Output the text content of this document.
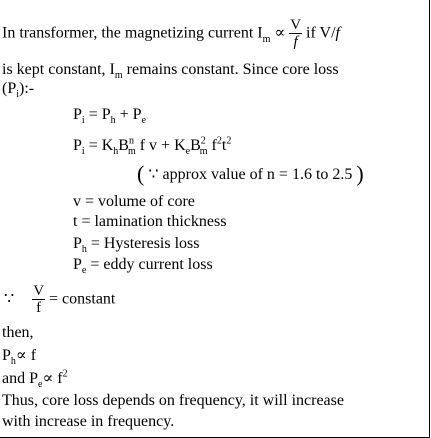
In transformer, the magnetizing current $I_m \propto \frac{V}{f}$ if V/f
is kept constant, $I_m$ remains constant. Since core loss
$(P_i):-$
$P_i = P_h + P_e$
$P_i = K_hB^n_m$ f $v + K_eB^2_m$ $f^2t^2$
( ∵ approx value of n = 1.6 to 2.5 )
v = volume of core
t = lamination thickness
$P_h$ = Hysteresis loss
$P_e$ = eddy current loss
∵ $\frac{V}{f}$ = constant
then,
$P_h\propto f$
and $P_e\propto f^2$
Thus, core loss depends on frequency, it will increase
with increase in frequency.
